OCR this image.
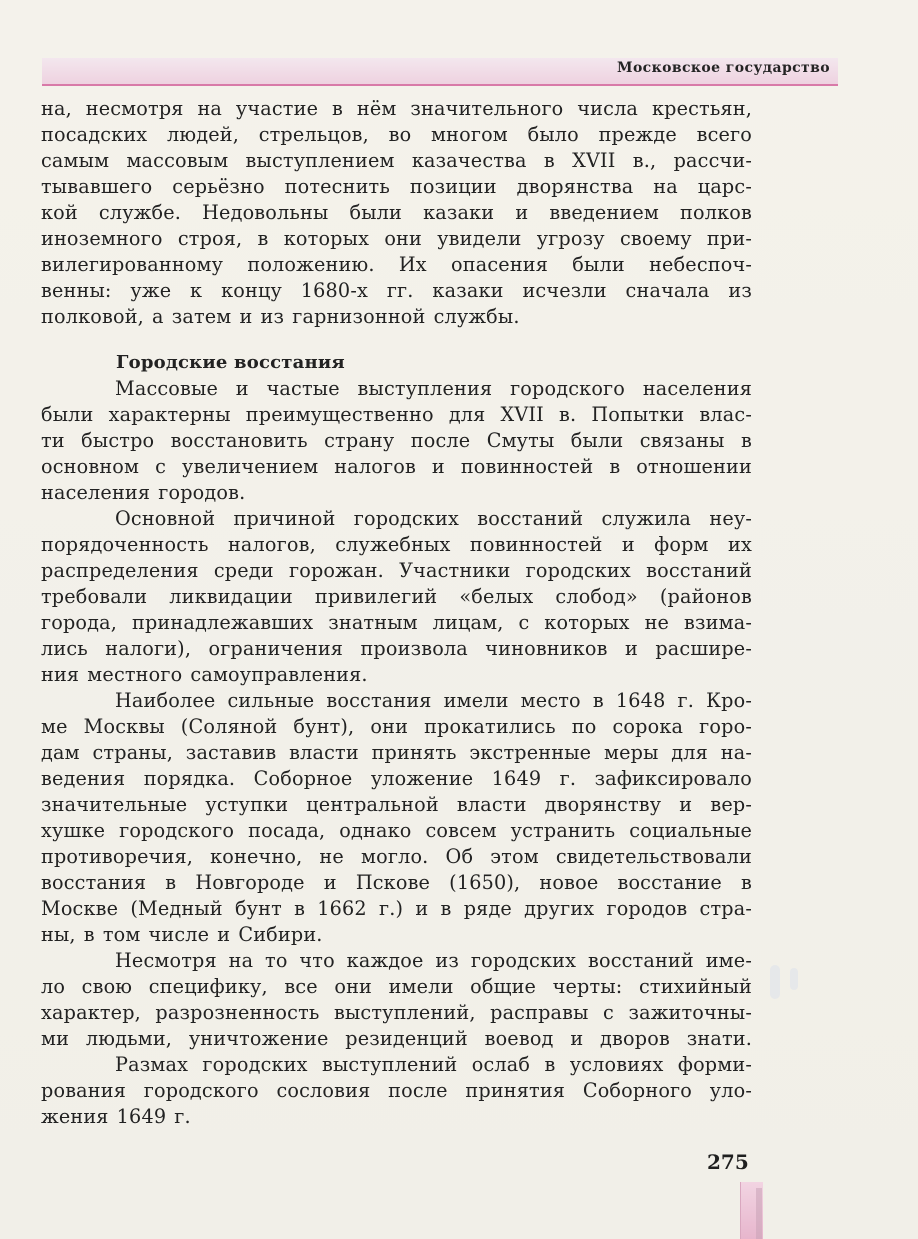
Московское государство
на, несмотря на участие в нём значительного числа крестьян,
посадских людей, стрельцов, во многом было прежде всего
самым массовым выступлением казачества в XVII в., рассчи-
тывавшего серьёзно потеснить позиции дворянства на царс-
кой службе. Недовольны были казаки и введением полков
иноземного строя, в которых они увидели угрозу своему при-
вилегированному положению. Их опасения были небеспоч-
венны: уже к концу 1680-х гг. казаки исчезли сначала из
полковой, а затем и из гарнизонной службы.
Городские восстания
Массовые и частые выступления городского населения
были характерны преимущественно для XVII в. Попытки влас-
ти быстро восстановить страну после Смуты были связаны в
основном с увеличением налогов и повинностей в отношении
населения городов.
Основной причиной городских восстаний служила неу-
порядоченность налогов, служебных повинностей и форм их
распределения среди горожан. Участники городских восстаний
требовали ликвидации привилегий «белых слобод» (районов
города, принадлежавших знатным лицам, с которых не взима-
лись налоги), ограничения произвола чиновников и расшире-
ния местного самоуправления.
Наиболее сильные восстания имели место в 1648 г. Кро-
ме Москвы (Соляной бунт), они прокатились по сорока горо-
дам страны, заставив власти принять экстренные меры для на-
ведения порядка. Соборное уложение 1649 г. зафиксировало
значительные уступки центральной власти дворянству и вер-
хушке городского посада, однако совсем устранить социальные
противоречия, конечно, не могло. Об этом свидетельствовали
восстания в Новгороде и Пскове (1650), новое восстание в
Москве (Медный бунт в 1662 г.) и в ряде других городов стра-
ны, в том числе и Сибири.
Несмотря на то что каждое из городских восстаний име-
ло свою специфику, все они имели общие черты: стихийный
характер, разрозненность выступлений, расправы с зажиточны-
ми людьми, уничтожение резиденций воевод и дворов знати.
Размах городских выступлений ослаб в условиях форми-
рования городского сословия после принятия Соборного уло-
жения 1649 г.
275
